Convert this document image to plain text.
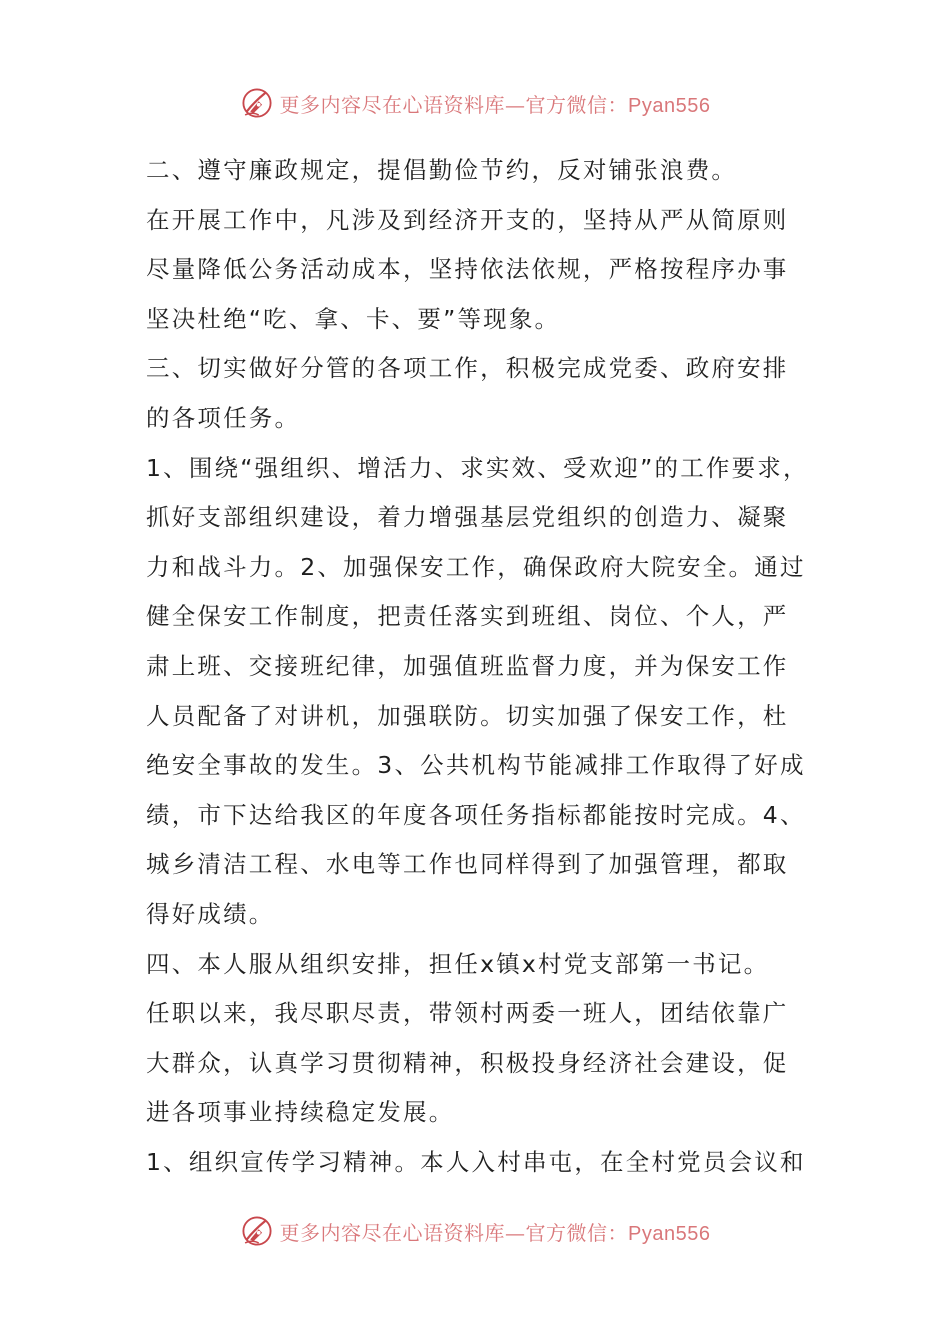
更多内容尽在心语资料库—官方微信：Pyan556
二、遵守廉政规定，提倡勤俭节约，反对铺张浪费。
在开展工作中，凡涉及到经济开支的，坚持从严从简原则
尽量降低公务活动成本，坚持依法依规，严格按程序办事
坚决杜绝“吃、拿、卡、要”等现象。
三、切实做好分管的各项工作，积极完成党委、政府安排
的各项任务。
1、围绕“强组织、增活力、求实效、受欢迎”的工作要求，
抓好支部组织建设，着力增强基层党组织的创造力、凝聚
力和战斗力。2、加强保安工作，确保政府大院安全。通过
健全保安工作制度，把责任落实到班组、岗位、个人，严
肃上班、交接班纪律，加强值班监督力度，并为保安工作
人员配备了对讲机，加强联防。切实加强了保安工作，杜
绝安全事故的发生。3、公共机构节能减排工作取得了好成
绩，市下达给我区的年度各项任务指标都能按时完成。4、
城乡清洁工程、水电等工作也同样得到了加强管理，都取
得好成绩。
四、本人服从组织安排，担任x镇x村党支部第一书记。
任职以来，我尽职尽责，带领村两委一班人，团结依靠广
大群众，认真学习贯彻精神，积极投身经济社会建设，促
进各项事业持续稳定发展。
1、组织宣传学习精神。本人入村串屯，在全村党员会议和
更多内容尽在心语资料库—官方微信：Pyan556
